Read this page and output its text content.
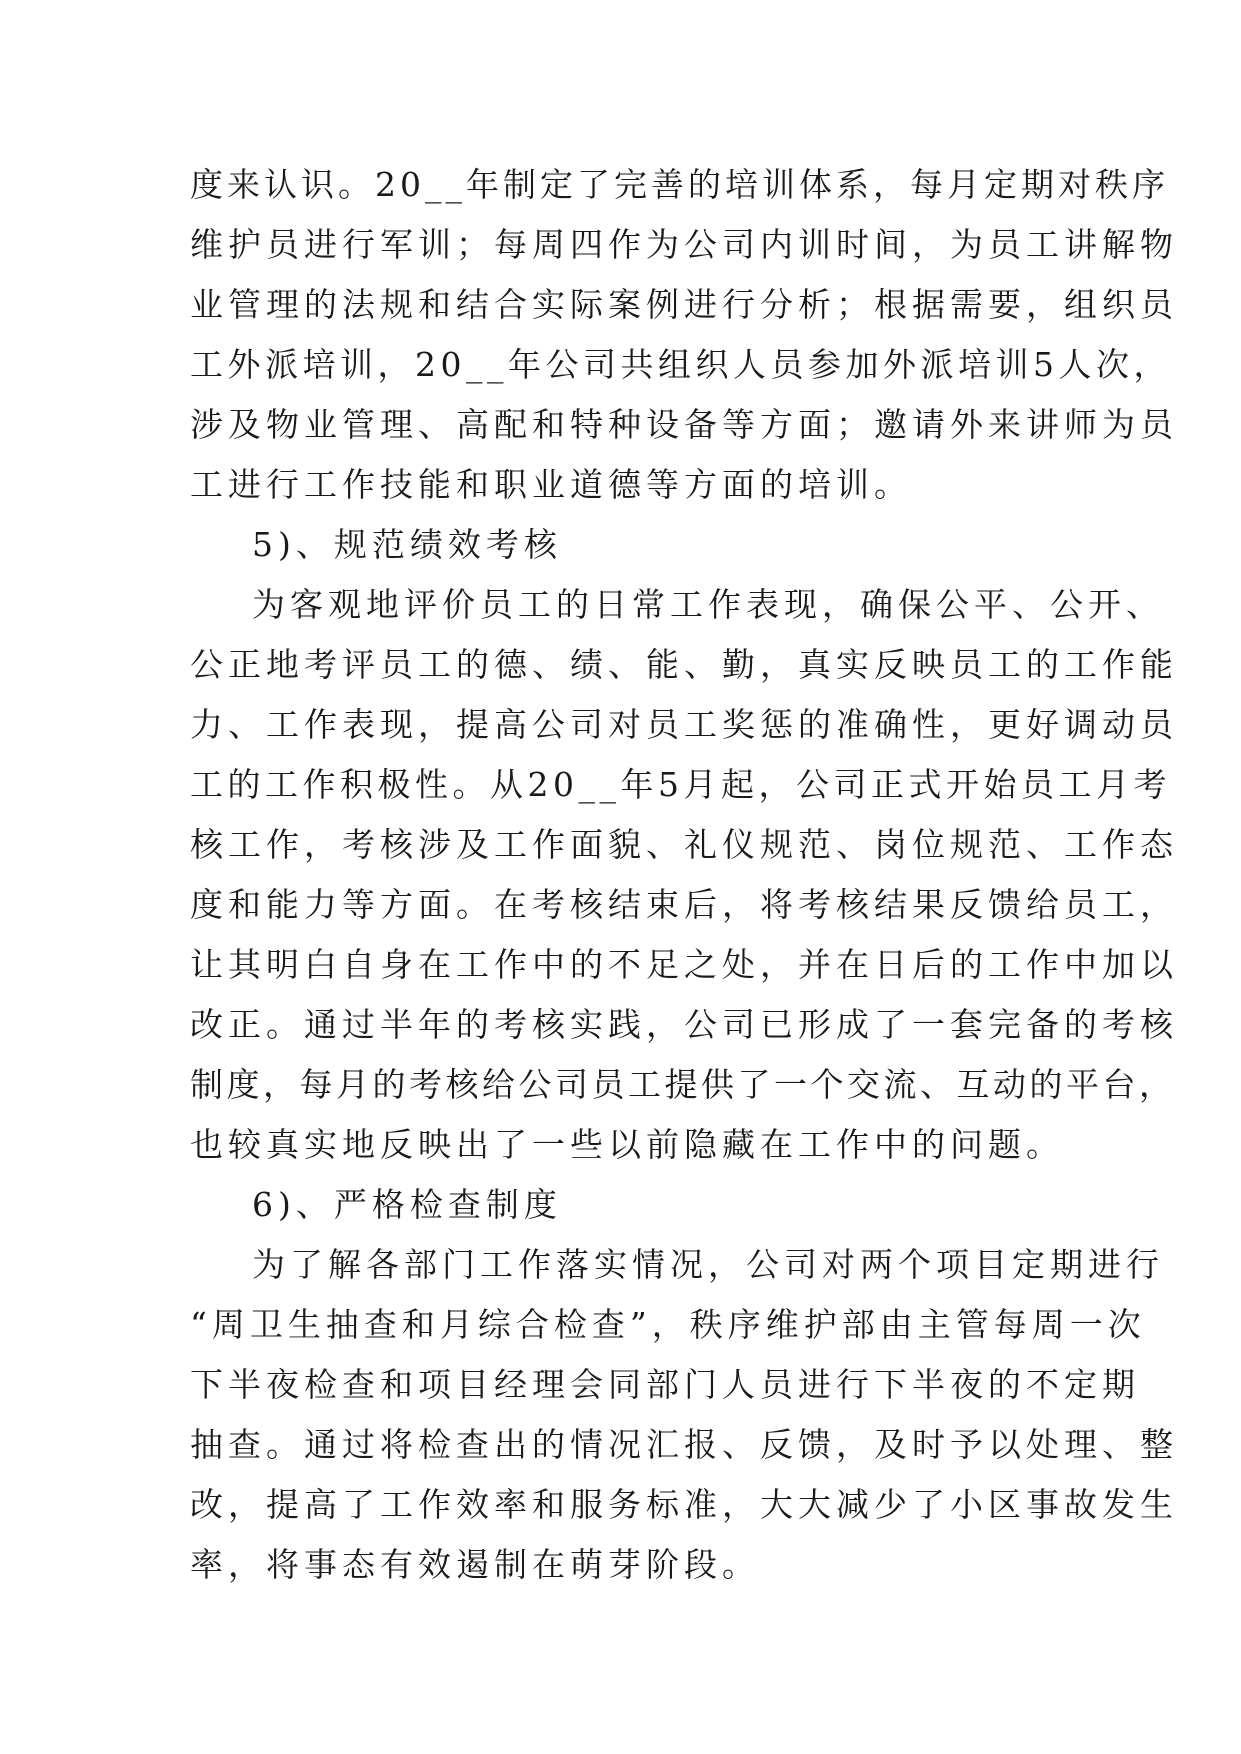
度来认识。20__年制定了完善的培训体系，每月定期对秩序
维护员进行军训；每周四作为公司内训时间，为员工讲解物
业管理的法规和结合实际案例进行分析；根据需要，组织员
工外派培训，20__年公司共组织人员参加外派培训5人次，
涉及物业管理、高配和特种设备等方面；邀请外来讲师为员
工进行工作技能和职业道德等方面的培训。
5)、规范绩效考核
为客观地评价员工的日常工作表现，确保公平、公开、
公正地考评员工的德、绩、能、勤，真实反映员工的工作能
力、工作表现，提高公司对员工奖惩的准确性，更好调动员
工的工作积极性。从20__年5月起，公司正式开始员工月考
核工作，考核涉及工作面貌、礼仪规范、岗位规范、工作态
度和能力等方面。在考核结束后，将考核结果反馈给员工，
让其明白自身在工作中的不足之处，并在日后的工作中加以
改正。通过半年的考核实践，公司已形成了一套完备的考核
制度，每月的考核给公司员工提供了一个交流、互动的平台，
也较真实地反映出了一些以前隐藏在工作中的问题。
6)、严格检查制度
为了解各部门工作落实情况，公司对两个项目定期进行
“周卫生抽查和月综合检查”，秩序维护部由主管每周一次
下半夜检查和项目经理会同部门人员进行下半夜的不定期
抽查。通过将检查出的情况汇报、反馈，及时予以处理、整
改，提高了工作效率和服务标准，大大减少了小区事故发生
率，将事态有效遏制在萌芽阶段。
